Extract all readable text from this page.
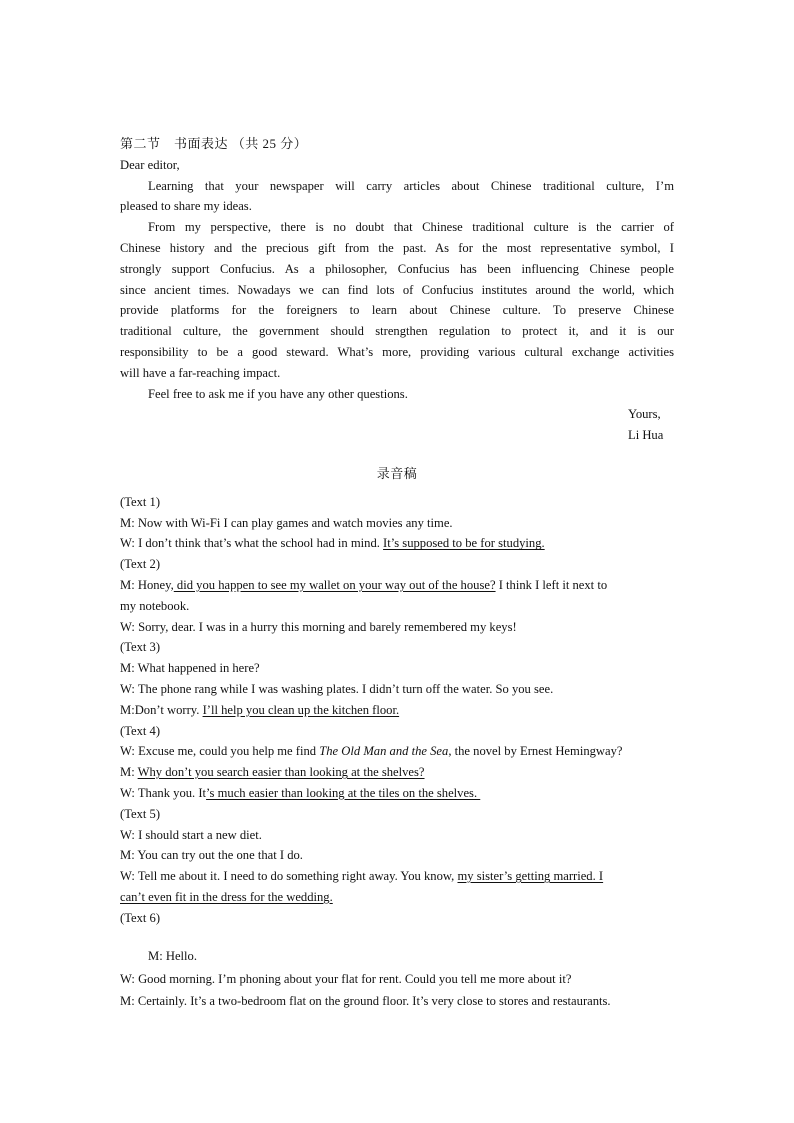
第二节　书面表达 （共 25 分）
Dear editor,
Learning that your newspaper will carry articles about Chinese traditional culture, I’m
pleased to share my ideas.
From my perspective, there is no doubt that Chinese traditional culture is the carrier of
Chinese history and the precious gift from the past. As for the most representative symbol, I
strongly support Confucius. As a philosopher, Confucius has been influencing Chinese people
since ancient times. Nowadays we can find lots of Confucius institutes around the world, which
provide platforms for the foreigners to learn about Chinese culture. To preserve Chinese
traditional culture, the government should strengthen regulation to protect it, and it is our
responsibility to be a good steward. What’s more, providing various cultural exchange activities
will have a far-reaching impact.
Feel free to ask me if you have any other questions.
Yours,
Li Hua
录音稿
(Text 1)
M: Now with Wi-Fi I can play games and watch movies any time.
W: I don’t think that’s what the school had in mind. It’s supposed to be for studying.
(Text 2)
M: Honey, did you happen to see my wallet on your way out of the house? I think I left it next to
my notebook.
W: Sorry, dear. I was in a hurry this morning and barely remembered my keys!
(Text 3)
M: What happened in here?
W: The phone rang while I was washing plates. I didn’t turn off the water. So you see.
M:Don’t worry. I’ll help you clean up the kitchen floor.
(Text 4)
W: Excuse me, could you help me find The Old Man and the Sea, the novel by Ernest Hemingway?
M: Why don’t you search easier than looking at the shelves?
W: Thank you. It’s much easier than looking at the tiles on the shelves.
(Text 5)
W: I should start a new diet.
M: You can try out the one that I do.
W: Tell me about it. I need to do something right away. You know, my sister’s getting married. I
can’t even fit in the dress for the wedding.
(Text 6)
M: Hello.
W: Good morning. I’m phoning about your flat for rent. Could you tell me more about it?
M: Certainly. It’s a two-bedroom flat on the ground floor. It’s very close to stores and restaurants.
